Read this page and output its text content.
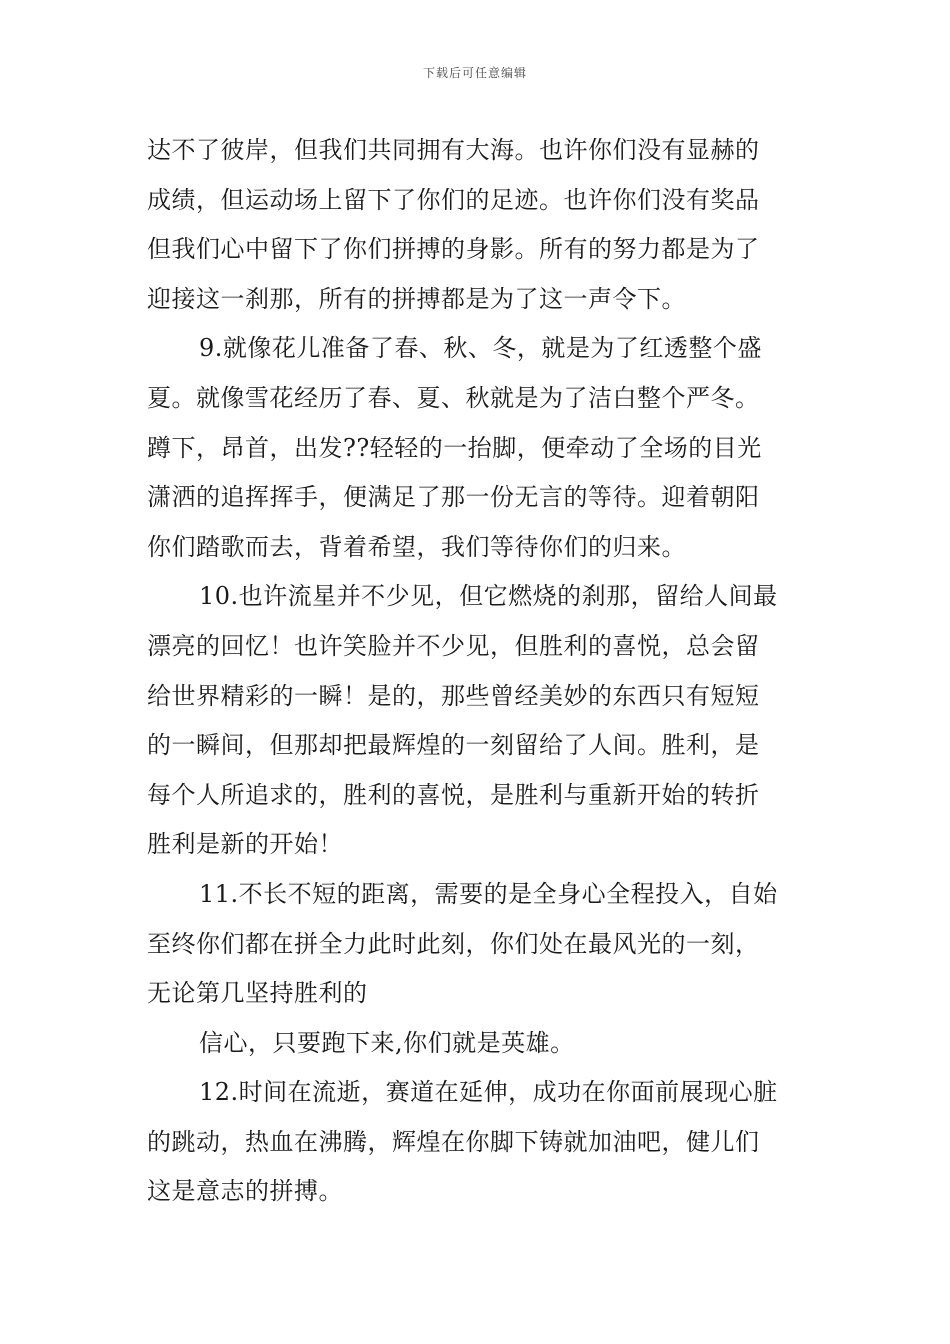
下载后可任意编辑
达不了彼岸，但我们共同拥有大海。也许你们没有显赫的
成绩，但运动场上留下了你们的足迹。也许你们没有奖品
但我们心中留下了你们拼搏的身影。所有的努力都是为了
迎接这一刹那，所有的拼搏都是为了这一声令下。
9.就像花儿准备了春、秋、冬，就是为了红透整个盛
夏。就像雪花经历了春、夏、秋就是为了洁白整个严冬。
蹲下，昂首，出发??轻轻的一抬脚，便牵动了全场的目光
潇洒的追挥挥手，便满足了那一份无言的等待。迎着朝阳
你们踏歌而去，背着希望，我们等待你们的归来。
10.也许流星并不少见，但它燃烧的刹那，留给人间最
漂亮的回忆！也许笑脸并不少见，但胜利的喜悦，总会留
给世界精彩的一瞬！是的，那些曾经美妙的东西只有短短
的一瞬间，但那却把最辉煌的一刻留给了人间。胜利，是
每个人所追求的，胜利的喜悦，是胜利与重新开始的转折
胜利是新的开始！
11.不长不短的距离，需要的是全身心全程投入，自始
至终你们都在拼全力此时此刻，你们处在最风光的一刻，
无论第几坚持胜利的
信心，只要跑下来,你们就是英雄。
12.时间在流逝，赛道在延伸，成功在你面前展现心脏
的跳动，热血在沸腾，辉煌在你脚下铸就加油吧，健儿们
这是意志的拼搏。
